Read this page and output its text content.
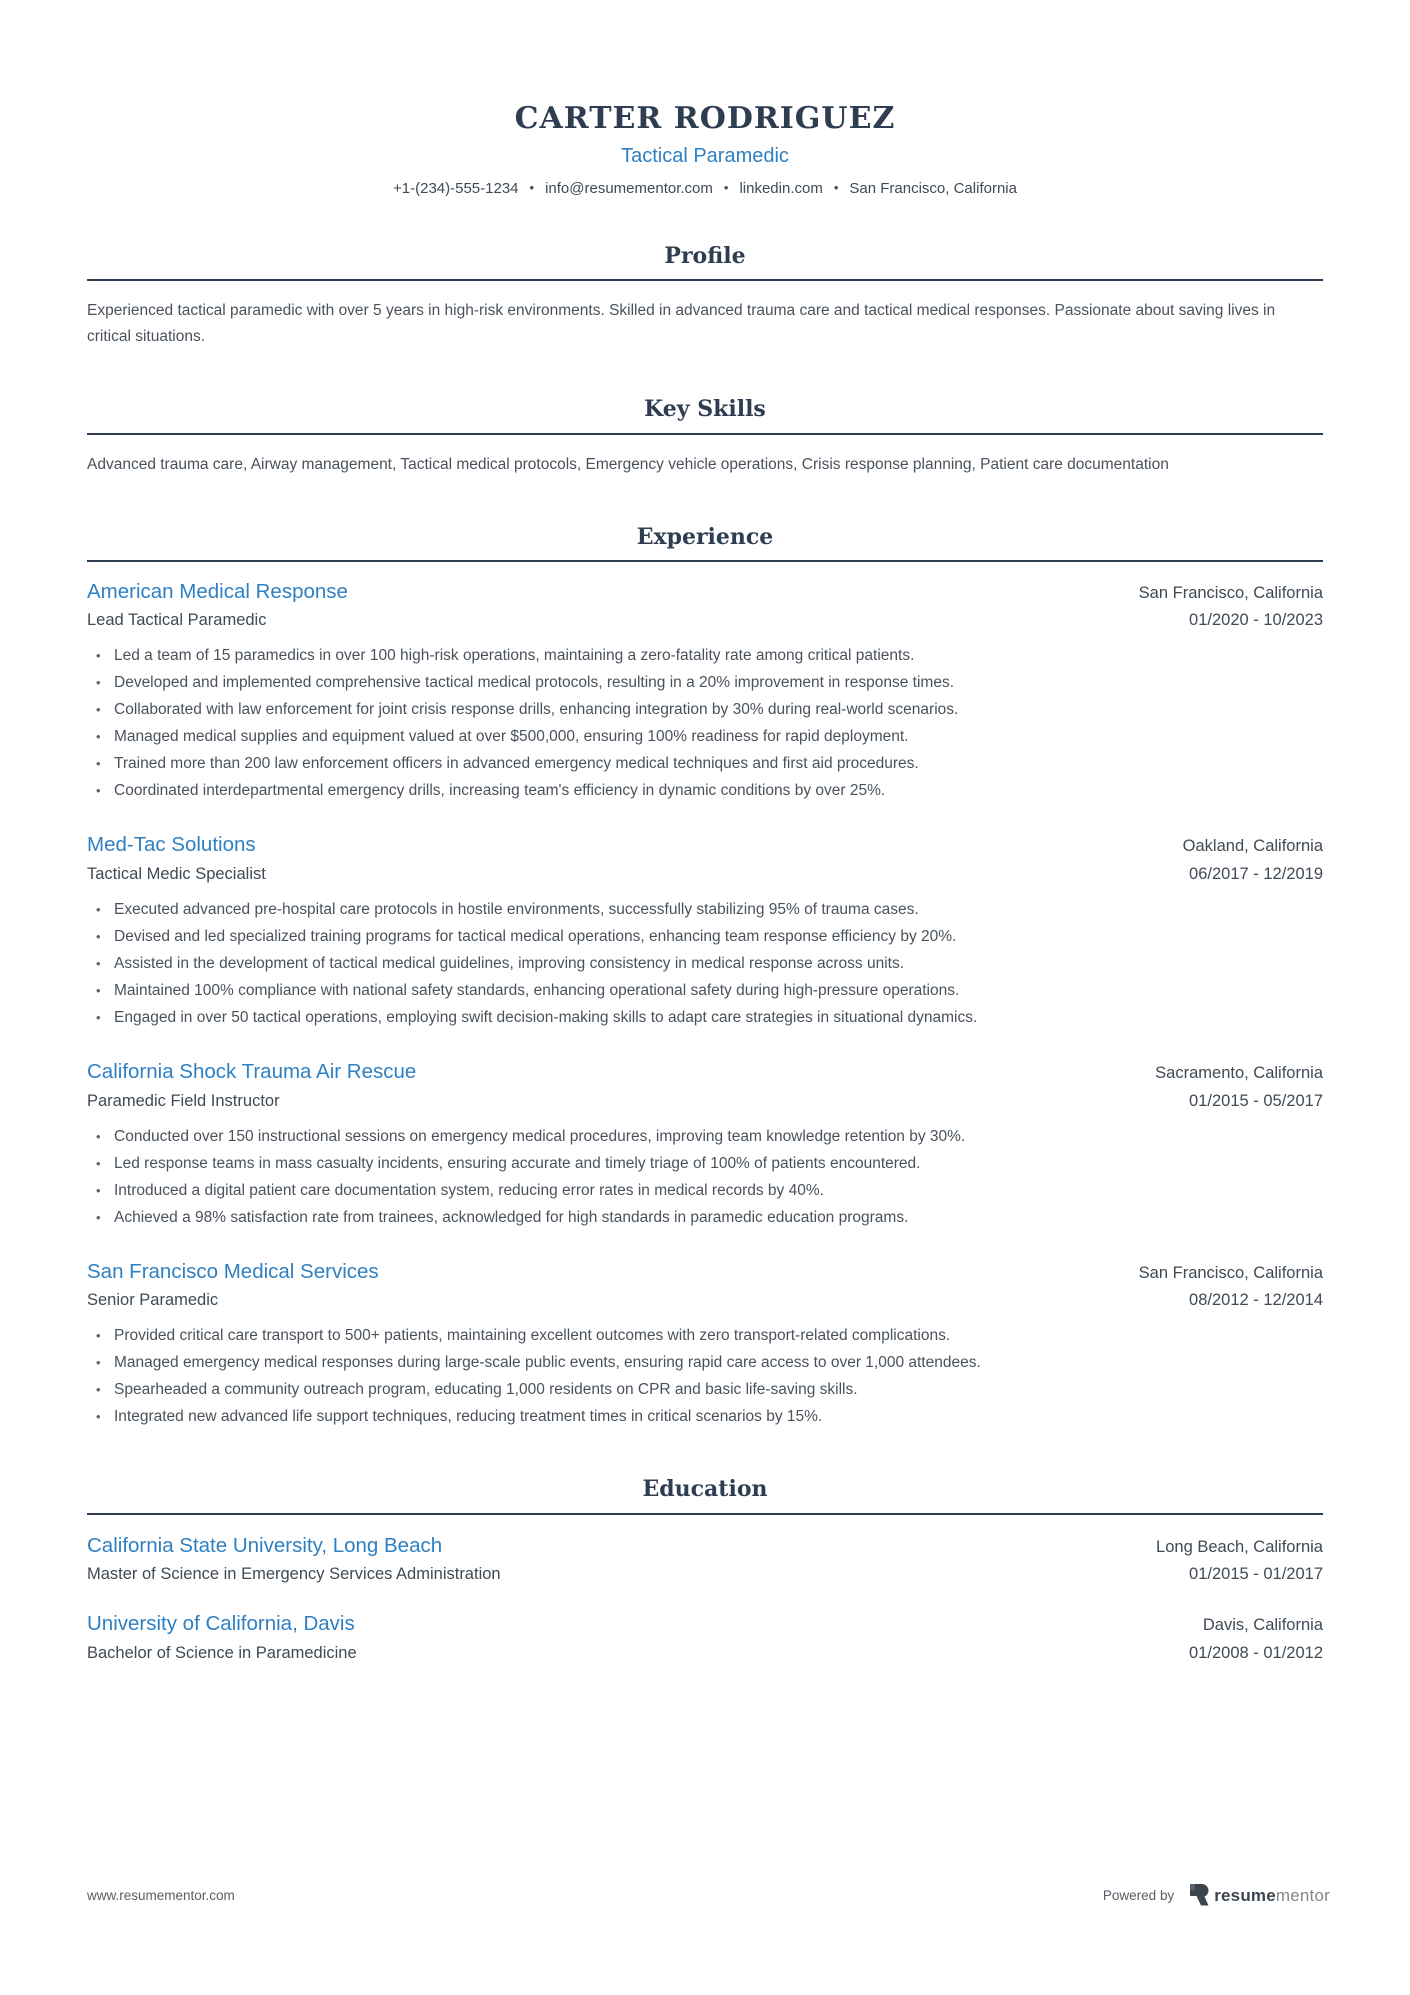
CARTER RODRIGUEZ
Tactical Paramedic
+1-(234)-555-1234 • info@resumementor.com • linkedin.com • San Francisco, California
Profile

Experienced tactical paramedic with over 5 years in high-risk environments. Skilled in advanced trauma care and tactical medical responses. Passionate about saving lives in critical situations.

Key Skills

Advanced trauma care, Airway management, Tactical medical protocols, Emergency vehicle operations, Crisis response planning, Patient care documentation

Experience
American Medical Response	San Francisco, California
Lead Tactical Paramedic	01/2020 - 10/2023
• Led a team of 15 paramedics in over 100 high-risk operations, maintaining a zero-fatality rate among critical patients.
• Developed and implemented comprehensive tactical medical protocols, resulting in a 20% improvement in response times.
• Collaborated with law enforcement for joint crisis response drills, enhancing integration by 30% during real-world scenarios.
• Managed medical supplies and equipment valued at over $500,000, ensuring 100% readiness for rapid deployment.
• Trained more than 200 law enforcement officers in advanced emergency medical techniques and first aid procedures.
• Coordinated interdepartmental emergency drills, increasing team's efficiency in dynamic conditions by over 25%.
Med-Tac Solutions	Oakland, California
Tactical Medic Specialist	06/2017 - 12/2019
• Executed advanced pre-hospital care protocols in hostile environments, successfully stabilizing 95% of trauma cases.
• Devised and led specialized training programs for tactical medical operations, enhancing team response efficiency by 20%.
• Assisted in the development of tactical medical guidelines, improving consistency in medical response across units.
• Maintained 100% compliance with national safety standards, enhancing operational safety during high-pressure operations.
• Engaged in over 50 tactical operations, employing swift decision-making skills to adapt care strategies in situational dynamics.
California Shock Trauma Air Rescue	Sacramento, California
Paramedic Field Instructor	01/2015 - 05/2017
• Conducted over 150 instructional sessions on emergency medical procedures, improving team knowledge retention by 30%.
• Led response teams in mass casualty incidents, ensuring accurate and timely triage of 100% of patients encountered.
• Introduced a digital patient care documentation system, reducing error rates in medical records by 40%.
• Achieved a 98% satisfaction rate from trainees, acknowledged for high standards in paramedic education programs.
San Francisco Medical Services	San Francisco, California
Senior Paramedic	08/2012 - 12/2014
• Provided critical care transport to 500+ patients, maintaining excellent outcomes with zero transport-related complications.
• Managed emergency medical responses during large-scale public events, ensuring rapid care access to over 1,000 attendees.
• Spearheaded a community outreach program, educating 1,000 residents on CPR and basic life-saving skills.
• Integrated new advanced life support techniques, reducing treatment times in critical scenarios by 15%.
Education
California State University, Long Beach	Long Beach, California
Master of Science in Emergency Services Administration	01/2015 - 01/2017
University of California, Davis	Davis, California
Bachelor of Science in Paramedicine	01/2008 - 01/2012
www.resumementor.com	Powered by resumementor
